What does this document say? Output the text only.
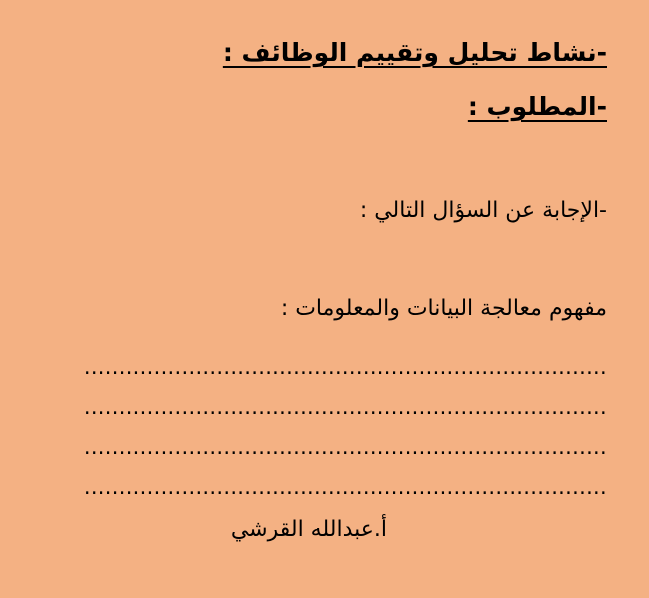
-نشاط تحليل وتقييم الوظائف :
-المطلوب :
-الإجابة عن السؤال التالي :
مفهوم معالجة البيانات والمعلومات :
...........................................................................
...........................................................................
...........................................................................
...........................................................................
أ.عبدالله القرشي
